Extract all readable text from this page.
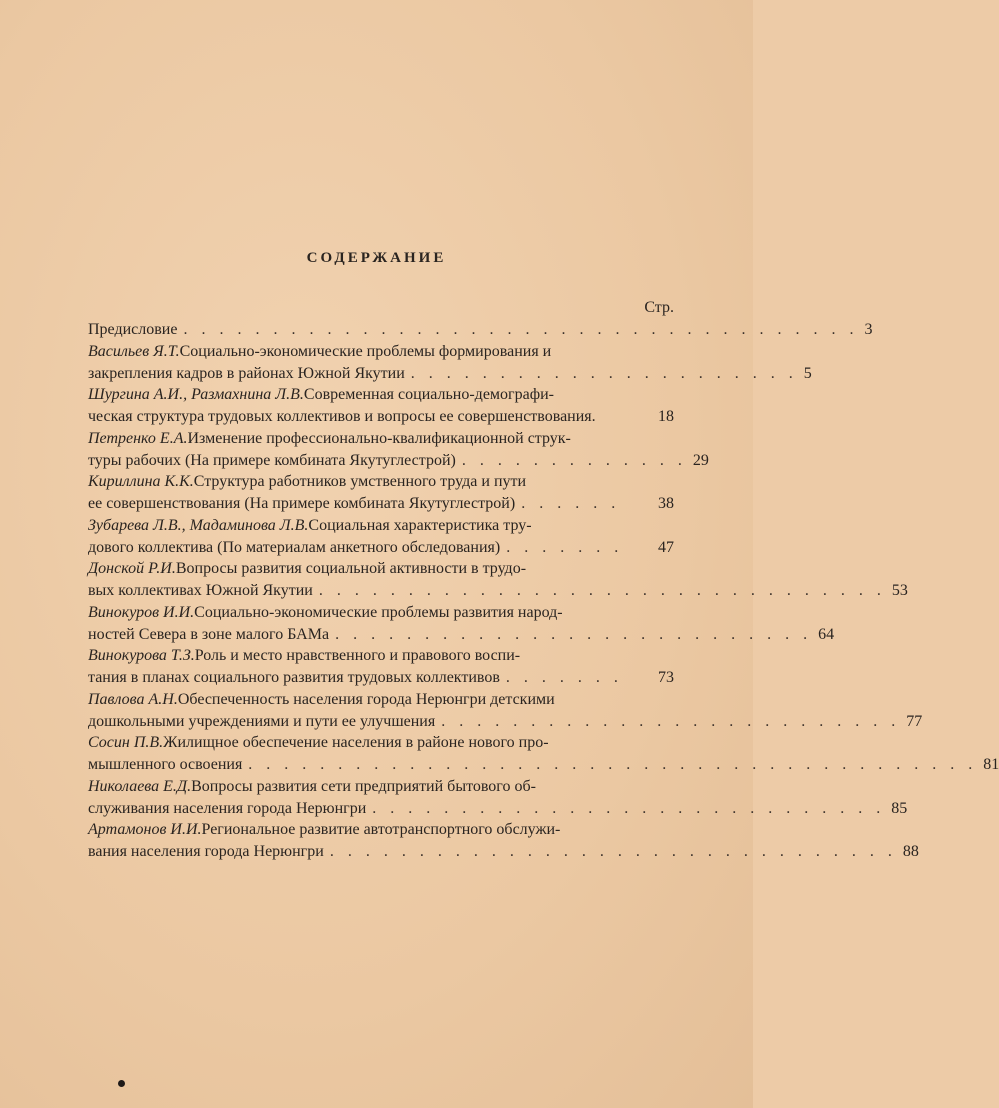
СОДЕРЖАНИЕ
Стр.
Предисловие . . . . . . . . . . . . . . . . . . . . . . . . . . . . . . . . . . . . . . 3
Васильев Я.Т. Социально-экономические проблемы формирования и
закрепления кадров в районах Южной Якутии . . . . . . . . . . . . . . . . . . . . . . 5
Шургина А.И., Размахнина Л.В. Современная социально-демографи-
ческая структура трудовых коллективов и вопросы ее совершенствования.	18
Петренко Е.А. Изменение профессионально-квалификационной струк-
туры рабочих (На примере комбината Якутуглестрой) . . . . . . . . . . . . . 29
Кириллина К.К. Структура работников умственного труда и пути
ее совершенствования (На примере комбината Якутуглестрой) . . . . . .	38
Зубарева Л.В., Мадаминова Л.В. Социальная характеристика тру-
дового коллектива (По материалам анкетного обследования) . . . . . . .	47
Донской Р.И. Вопросы развития социальной активности в трудо-
вых коллективах Южной Якутии . . . . . . . . . . . . . . . . . . . . . . . . . . . . . . . . 53
Винокуров И.И. Социально-экономические проблемы развития народ-
ностей Севера в зоне малого БАМа . . . . . . . . . . . . . . . . . . . . . . . . . . . 64
Винокурова Т.З. Роль и место нравственного и правового воспи-
тания в планах социального развития трудовых коллективов . . . . . . .	73
Павлова А.Н. Обеспеченность населения города Нерюнгри детскими
дошкольными учреждениями и пути ее улучшения . . . . . . . . . . . . . . . . . . . . . . . . . . 77
Сосин П.В. Жилищное обеспечение населения в районе нового про-
мышленного освоения . . . . . . . . . . . . . . . . . . . . . . . . . . . . . . . . . . . . . . . . . 81
Николаева Е.Д. Вопросы развития сети предприятий бытового об-
служивания населения города Нерюнгри . . . . . . . . . . . . . . . . . . . . . . . . . . . . . 85
Артамонов И.И. Региональное развитие автотранспортного обслужи-
вания населения города Нерюнгри . . . . . . . . . . . . . . . . . . . . . . . . . . . . . . . . 88
